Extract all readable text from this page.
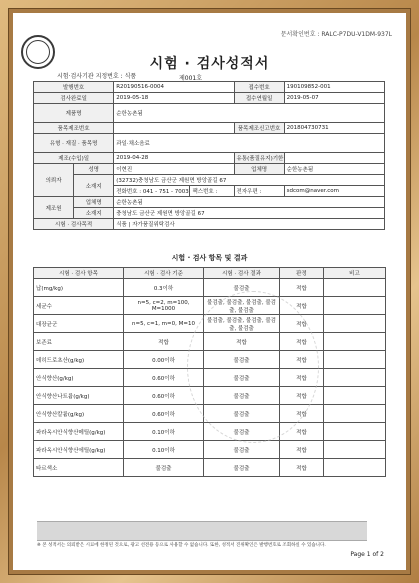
문서확인번호 : RALC-P7DU-V1DM-937L
시험·검사기관 지정번호 : 식품
시험 · 검사성적서
제001호
발행번호		R20190516-0004		접수번호	190109852-001
검사완료일		2019-05-18		접수연월일	2019-05-07
제품명		순한농촌됨			
품목제조번호				품목제조신고번호	201804730731
유형 · 재질 · 품목명		과일·채소음료			
제조(수입)일		2019-04-28		유통(품질유지)기한	
의뢰자	성명	이현진		업체명	순한농촌됨
	소재지	(32732)충청남도 금산군 제원면 방앙골길 67			
		전화번호 : 041 - 751 - 7003	팩스번호 :	전자우편 :	sdcom@naver.com
제조원	업체명	순한농촌됨			
	소재지	충청남도 금산군 제원면 방앙골길 67			
시험 · 검사목적		식품 | 자가품질위탁검사			
시험 · 검사 항목 및 결과
시험 · 검사 항목	시험 · 검사 기준	시험 · 검사 결과	판정	비고
납(mg/kg)	0.3이하	불검출	적합	
세균수	n=5, c=2, m=100, M=1000	불검출, 불검출, 불검출, 불검출, 불검출	적합	
대장균군	n=5, c=1, m=0, M=10	불검출, 불검출, 불검출, 불검출, 불검출	적합	
보존료	적합	적합	적합	
데히드로초산(g/kg)	0.00이하	불검출	적합	
안식향산(g/kg)	0.60이하	불검출	적합	
안식향산나트륨(g/kg)	0.60이하	불검출	적합	
안식향산칼륨(g/kg)	0.60이하	불검출	적합	
파라옥시안식향산메틸(g/kg)	0.10이하	불검출	적합	
파라옥시안식향산에틸(g/kg)	0.10이하	불검출	적합	
타르색소	불검출	불검출	적합	
※ 본 성적서는 의뢰받은 시료에 한정된 것으로, 광고 선전용 등으로 사용할 수 없습니다. 또한, 성적서 진위확인은 발행번호로 조회하실 수 있습니다.
Page 1 of 2
